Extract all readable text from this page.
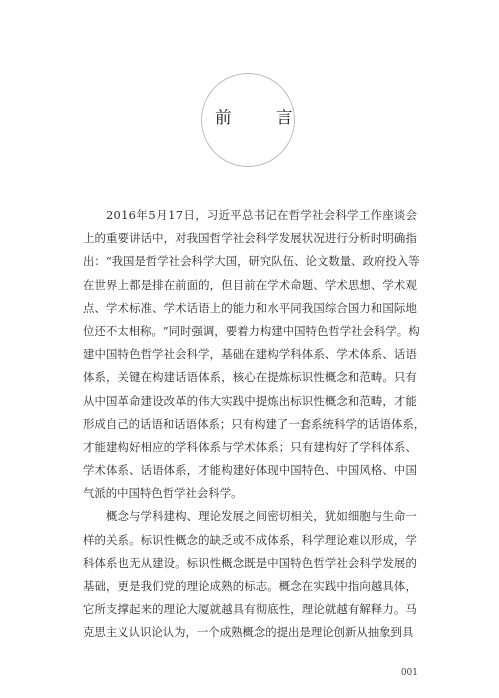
前　言
2 0 1 6 年 5 月 1 7 日 ， 习 近 平 总 书 记 在 哲 学 社 会 科 学 工 作 座 谈 会
上 的 重 要 讲 话 中 ， 对 我 国 哲 学 社 会 科 学 发 展 状 况 进 行 分 析 时 明 确 指
出 ： “ 我 国 是 哲 学 社 会 科 学 大 国 ， 研 究 队 伍 、 论 文 数 量 、 政 府 投 入 等
在 世 界 上 都 是 排 在 前 面 的 ， 但 目 前 在 学 术 命 题 、 学 术 思 想 、 学 术 观
点 、 学 术 标 准 、 学 术 话 语 上 的 能 力 和 水 平 同 我 国 综 合 国 力 和 国 际 地
位 还 不 太 相 称 。 ” 同 时 强 调 ， 要 着 力 构 建 中 国 特 色 哲 学 社 会 科 学 。 构
建 中 国 特 色 哲 学 社 会 科 学 ， 基 础 在 建 构 学 科 体 系 、 学 术 体 系 、 话 语
体 系 ， 关 键 在 构 建 话 语 体 系 ， 核 心 在 提 炼 标 识 性 概 念 和 范 畴 。 只 有
从 中 国 革 命 建 设 改 革 的 伟 大 实 践 中 提 炼 出 标 识 性 概 念 和 范 畴 ， 才 能
形 成 自 己 的 话 语 和 话 语 体 系 ； 只 有 构 建 了 一 套 系 统 科 学 的 话 语 体 系 ，
才 能 建 构 好 相 应 的 学 科 体 系 与 学 术 体 系 ； 只 有 建 构 好 了 学 科 体 系 、
学 术 体 系 、 话 语 体 系 ， 才 能 构 建 好 体 现 中 国 特 色 、 中 国 风 格 、 中 国
气派的中国特色哲学社会科学。
概 念 与 学 科 建 构 、 理 论 发 展 之 间 密 切 相 关 ， 犹 如 细 胞 与 生 命 一
样 的 关 系 。 标 识 性 概 念 的 缺 乏 或 不 成 体 系 ， 科 学 理 论 难 以 形 成 ， 学
科 体 系 也 无 从 建 设 。 标 识 性 概 念 既 是 中 国 特 色 哲 学 社 会 科 学 发 展 的
基 础 ， 更 是 我 们 党 的 理 论 成 熟 的 标 志 。 概 念 在 实 践 中 指 向 越 具 体 ，
它 所 支 撑 起 来 的 理 论 大 厦 就 越 具 有 彻 底 性 ， 理 论 就 越 有 解 释 力 。 马
克思主义认识论认为，一个成熟概念的提出是理论创新从抽象到具
001
